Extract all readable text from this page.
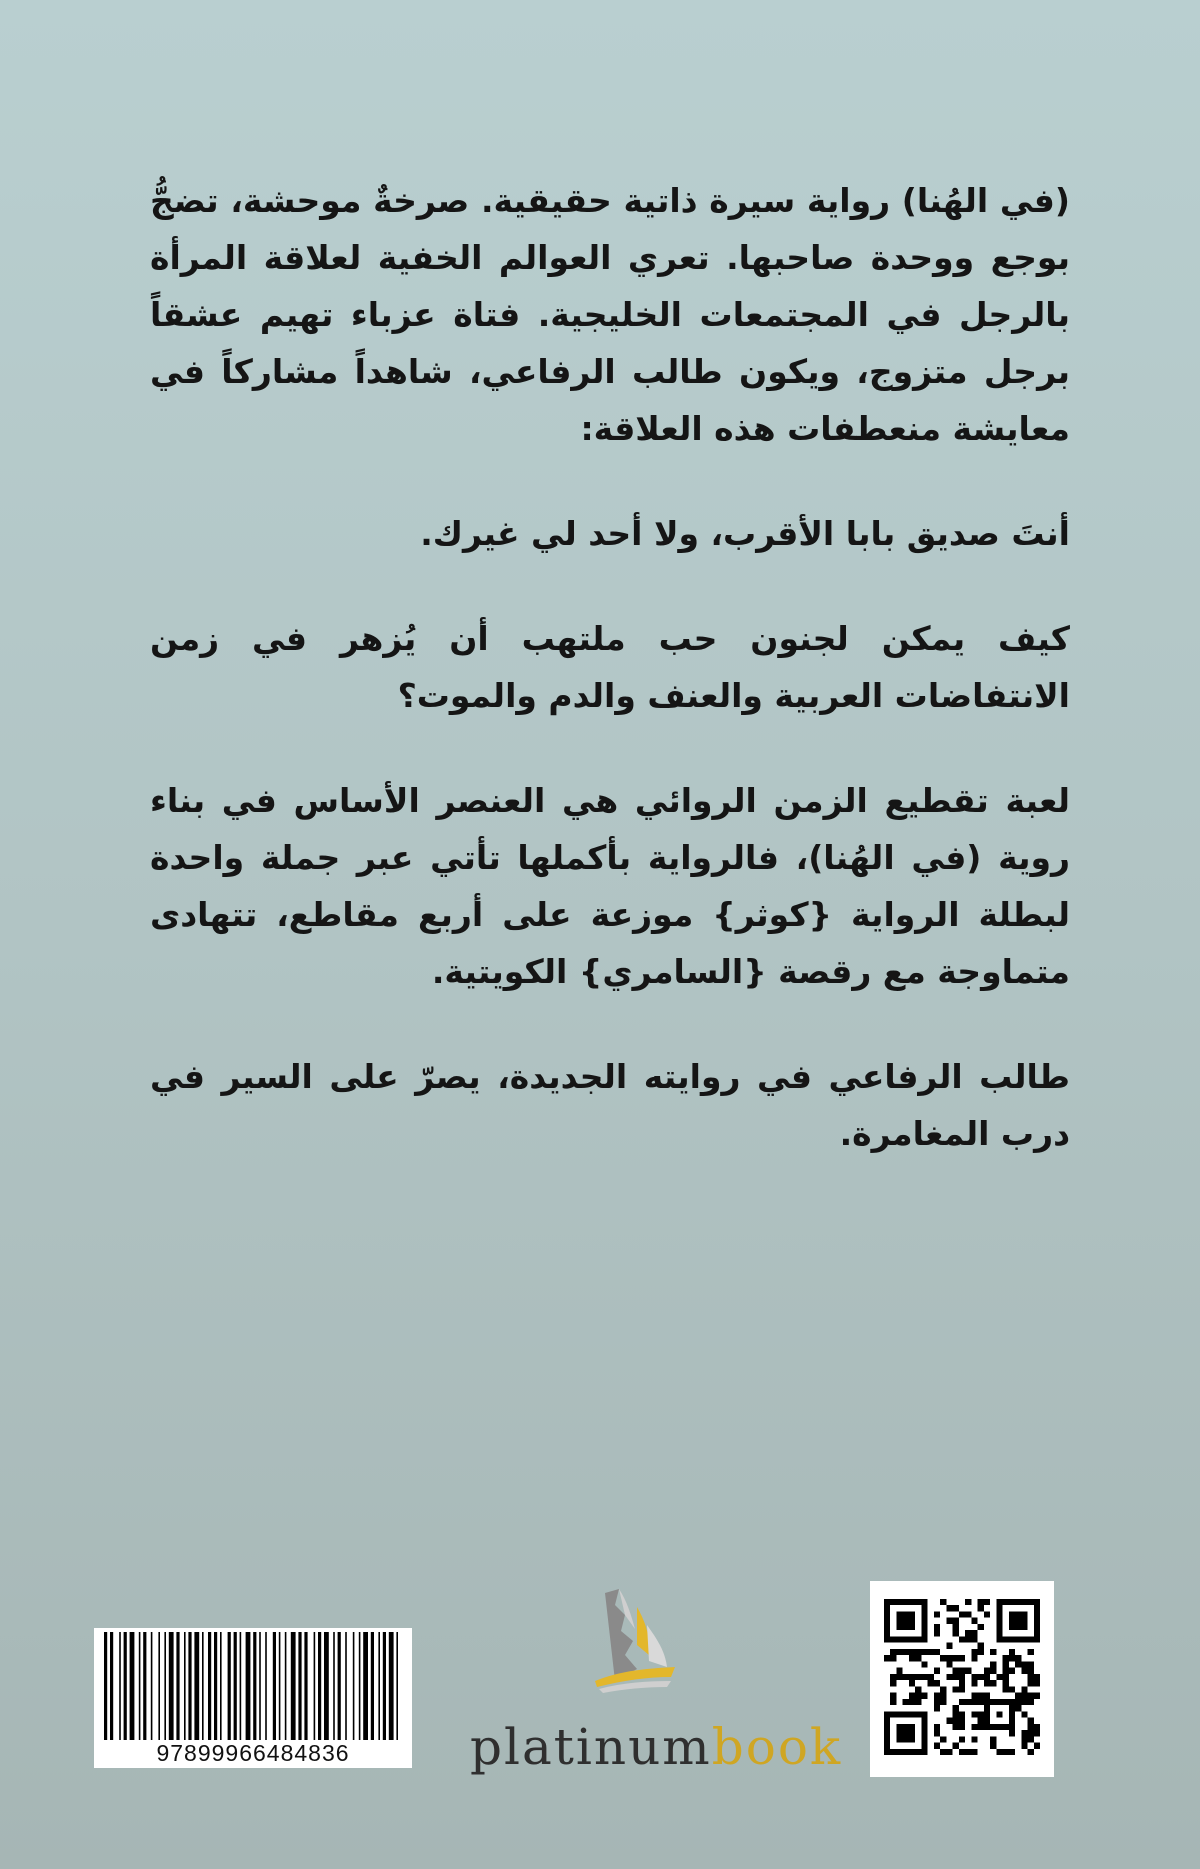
(في الهُنا) رواية سيرة ذاتية حقيقية. صرخةٌ موحشة، تضجُّ بوجع ووحدة صاحبها. تعري العوالم الخفية لعلاقة المرأة بالرجل في المجتمعات الخليجية. فتاة عزباء تهيم عشقاً برجل متزوج، ويكون طالب الرفاعي، شاهداً مشاركاً في معايشة منعطفات هذه العلاقة:

أنتَ صديق بابا الأقرب، ولا أحد لي غيرك.

كيف يمكن لجنون حب ملتهب أن يُزهر في زمن الانتفاضات العربية والعنف والدم والموت؟

لعبة تقطيع الزمن الروائي هي العنصر الأساس في بناء روية (في الهُنا)، فالرواية بأكملها تأتي عبر جملة واحدة لبطلة الرواية {كوثر} موزعة على أربع مقاطع، تتهادى متماوجة مع رقصة {السامري} الكويتية.

طالب الرفاعي في روايته الجديدة، يصرّ على السير في درب المغامرة.

97899966484836	platinumbook
